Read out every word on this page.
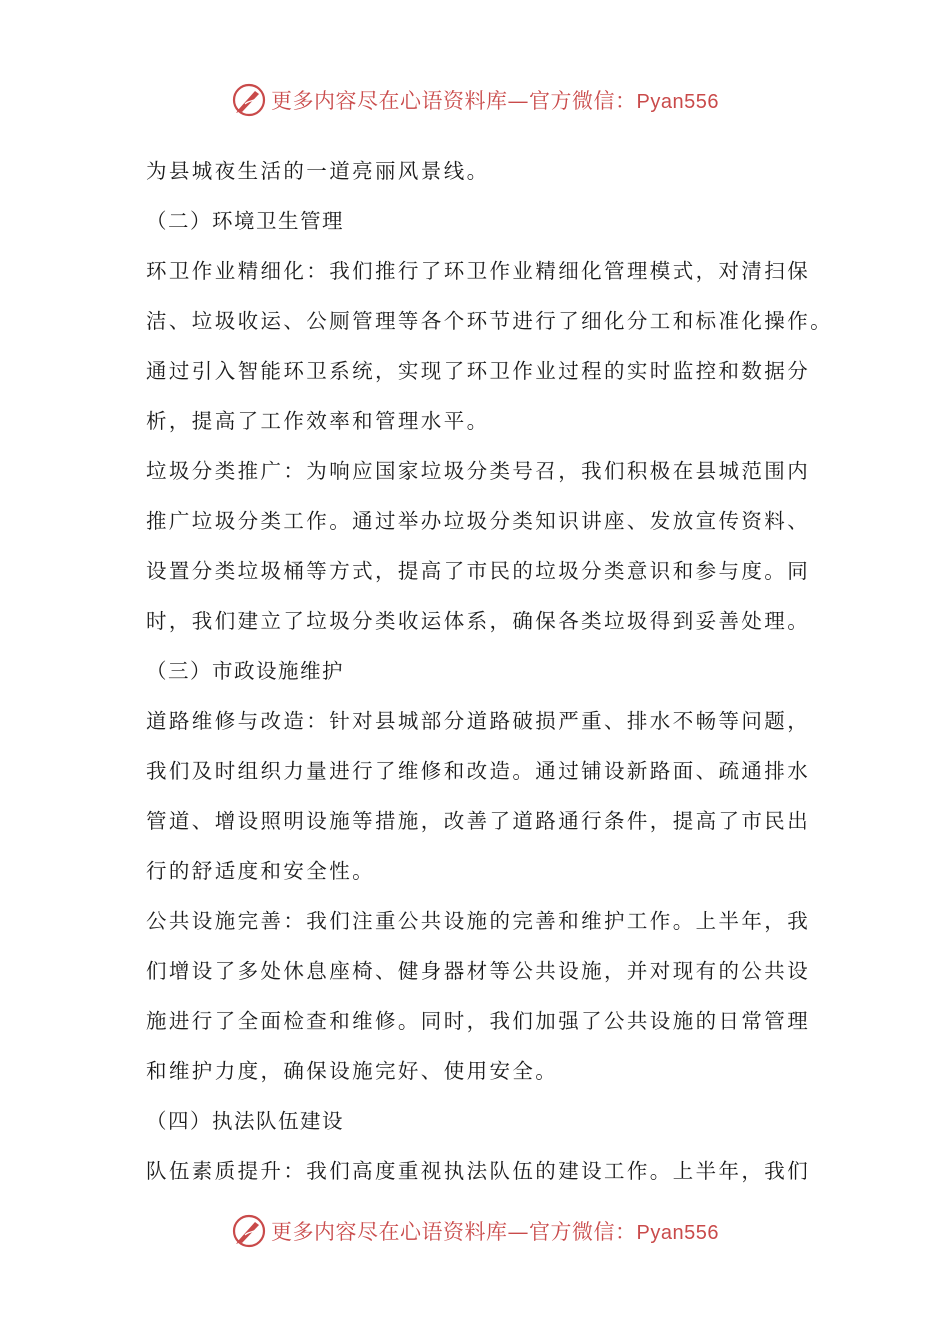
更多内容尽在心语资料库—官方微信：Pyan556
为县城夜生活的一道亮丽风景线。
（二）环境卫生管理
环卫作业精细化：我们推行了环卫作业精细化管理模式，对清扫保
洁、垃圾收运、公厕管理等各个环节进行了细化分工和标准化操作。
通过引入智能环卫系统，实现了环卫作业过程的实时监控和数据分
析，提高了工作效率和管理水平。
垃圾分类推广：为响应国家垃圾分类号召，我们积极在县城范围内
推广垃圾分类工作。通过举办垃圾分类知识讲座、发放宣传资料、
设置分类垃圾桶等方式，提高了市民的垃圾分类意识和参与度。同
时，我们建立了垃圾分类收运体系，确保各类垃圾得到妥善处理。
（三）市政设施维护
道路维修与改造：针对县城部分道路破损严重、排水不畅等问题，
我们及时组织力量进行了维修和改造。通过铺设新路面、疏通排水
管道、增设照明设施等措施，改善了道路通行条件，提高了市民出
行的舒适度和安全性。
公共设施完善：我们注重公共设施的完善和维护工作。上半年，我
们增设了多处休息座椅、健身器材等公共设施，并对现有的公共设
施进行了全面检查和维修。同时，我们加强了公共设施的日常管理
和维护力度，确保设施完好、使用安全。
（四）执法队伍建设
队伍素质提升：我们高度重视执法队伍的建设工作。上半年，我们
更多内容尽在心语资料库—官方微信：Pyan556
